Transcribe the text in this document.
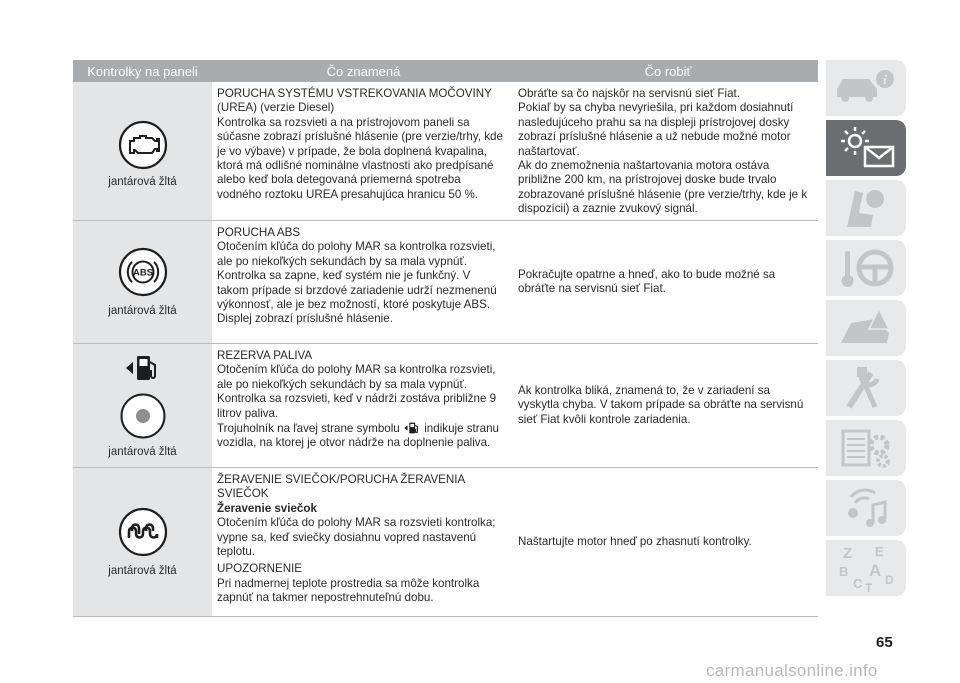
Kontrolky na paneli	Čo znamená	Čo robiť
jantárová žltá

PORUCHA SYSTÉMU VSTREKOVANIA MOČOVINY

(UREA) (verzie Diesel)

Kontrolka sa rozsvieti a na prístrojovom paneli sa

súčasne zobrazí príslušné hlásenie (pre verzie/trhy, kde

je vo výbave) v prípade, že bola doplnená kvapalina,

ktorá má odlišné nominálne vlastnosti ako predpísané

alebo keď bola detegovaná priemerná spotreba

vodného roztoku UREA presahujúca hranicu 50 %.

Obráťte sa čo najskôr na servisnú sieť Fiat.

Pokiaľ by sa chyba nevyriešila, pri každom dosiahnutí

nasledujúceho prahu sa na displeji prístrojovej dosky

zobrazí príslušné hlásenie a už nebude možné motor

naštartovať.

Ak do znemožnenia naštartovania motora ostáva

približne 200 km, na prístrojovej doske bude trvalo

zobrazované príslušné hlásenie (pre verzie/trhy, kde je k

dispozícii) a zaznie zvukový signál.

ABS
jantárová žltá

PORUCHA ABS

Otočením kľúča do polohy MAR sa kontrolka rozsvieti,

ale po niekoľkých sekundách by sa mala vypnúť.

Kontrolka sa zapne, keď systém nie je funkčný. V

takom prípade si brzdové zariadenie udrží nezmenenú

výkonnosť, ale je bez možností, ktoré poskytuje ABS.

Displej zobrazí príslušné hlásenie.

Pokračujte opatrne a hneď, ako to bude možné sa

obráťte na servisnú sieť Fiat.

jantárová žltá

REZERVA PALIVA

Otočením kľúča do polohy MAR sa kontrolka rozsvieti,

ale po niekoľkých sekundách by sa mala vypnúť.

Kontrolka sa rozsvieti, keď v nádrži zostáva približne 9

litrov paliva.

Trojuholník na ľavej strane symbolu indikuje stranu

vozidla, na ktorej je otvor nádrže na doplnenie paliva.

Ak kontrolka bliká, znamená to, že v zariadení sa

vyskytla chyba. V takom prípade sa obráťte na servisnú

sieť Fiat kvôli kontrole zariadenia.

jantárová žltá

ŽERAVENIE SVIEČOK/PORUCHA ŽERAVENIA

SVIEČOK

Žeravenie sviečok

Otočením kľúča do polohy MAR sa rozsvieti kontrolka;

vypne sa, keď sviečky dosiahnu vopred nastavenú

teplotu.

UPOZORNENIE

Pri nadmernej teplote prostredia sa môže kontrolka

zapnúť na takmer nepostrehnuteľnú dobu.

Naštartujte motor hneď po zhasnutí kontrolky.

i
Z E
B A
C D
T
65
carmanualsonline.info
